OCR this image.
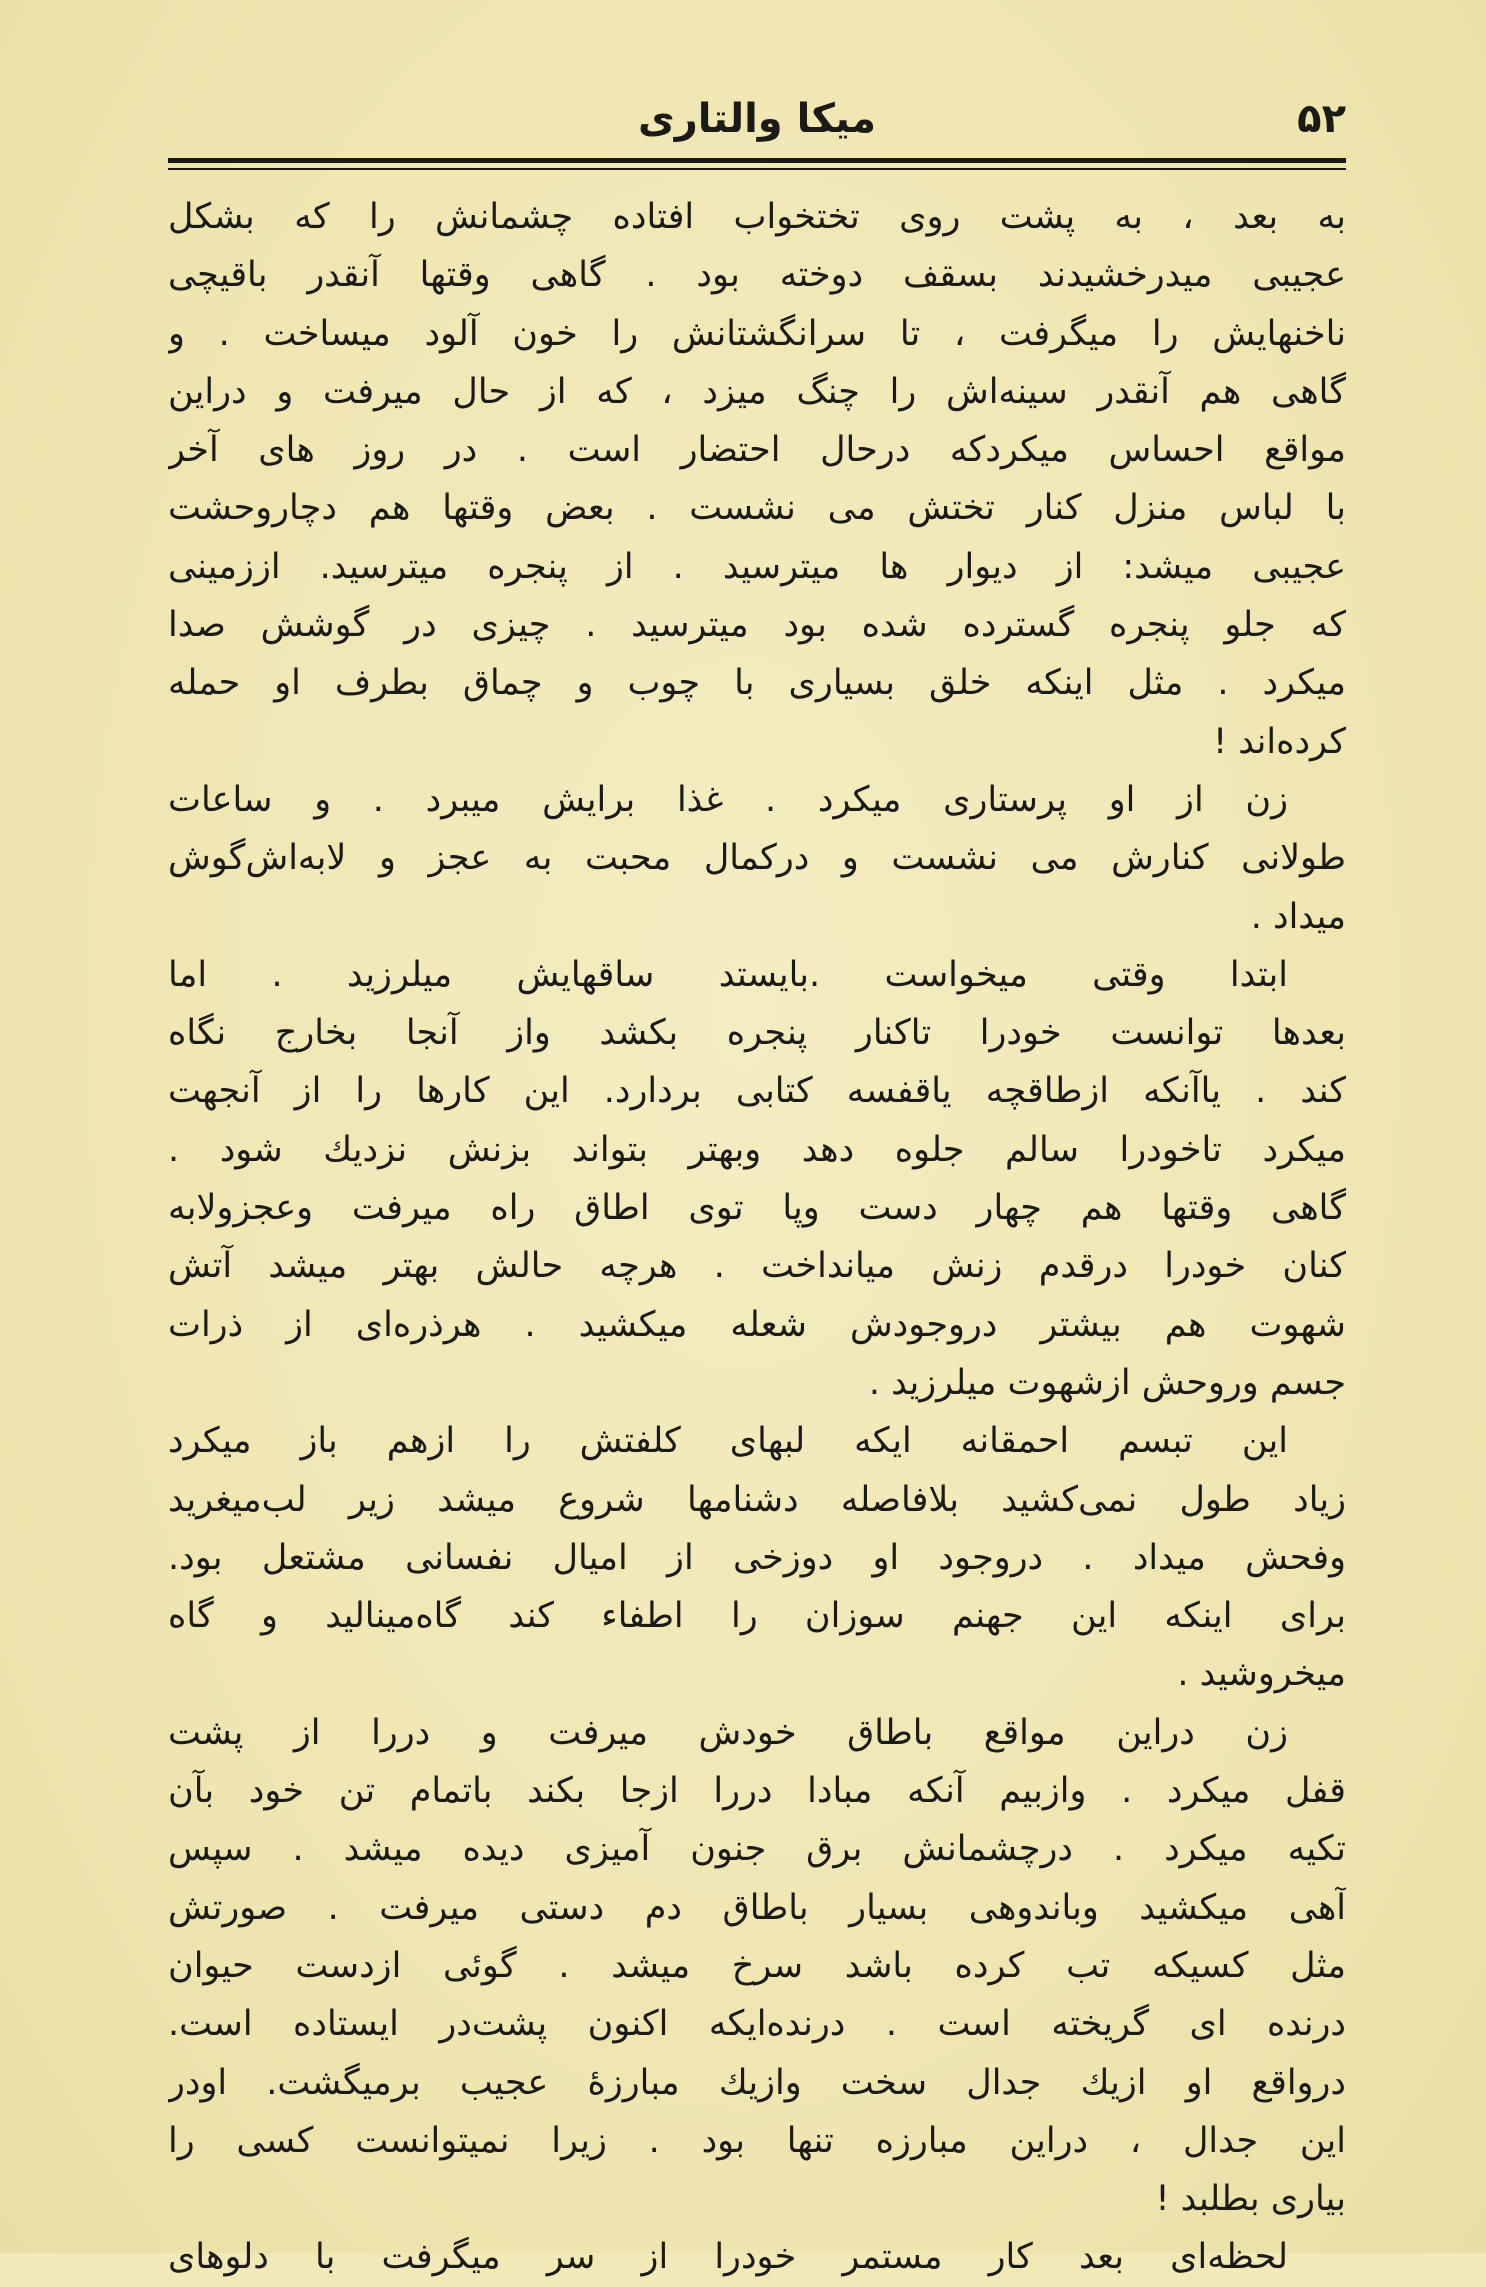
۵۲
میکا والتاری
به بعد ، به پشت روی تختخواب افتاده چشمانش را که بشکل
عجیبی میدرخشیدند بسقف دوخته بود . گاهی وقتها آنقدر باقیچی
ناخنهایش را میگرفت ، تا سرانگشتانش را خون آلود میساخت . و
گاهی هم آنقدر سینه‌اش را چنگ میزد ، که از حال میرفت و دراین
مواقع احساس میکردکه درحال احتضار است . در روز های آخر
با لباس منزل کنار تختش می نشست . بعض وقتها هم دچاروحشت
عجیبی میشد: از دیوار ها میترسید . از پنجره میترسید. اززمینی
که جلو پنجره گسترده شده بود میترسید . چیزی در گوشش صدا
میکرد . مثل اینکه خلق بسیاری با چوب و چماق بطرف او حمله
کرده‌اند !
زن از او پرستاری میکرد . غذا برایش میبرد . و ساعات
طولانی کنارش می نشست و درکمال محبت به عجز و لابه‌اش‌گوش
میداد .
ابتدا وقتی میخواست .بایستد ساقهایش میلرزید . اما
بعدها توانست خودرا تاکنار پنجره بکشد واز آنجا بخارج نگاه
کند . یاآنکه ازطاقچه یاقفسه کتابی بردارد. این کارها را از آنجهت
میکرد تاخودرا سالم جلوه دهد وبهتر بتواند بزنش نزدیك شود .
گاهی وقتها هم چهار دست وپا توی اطاق راه میرفت وعجزولابه
کنان خودرا درقدم زنش میانداخت . هرچه حالش بهتر میشد آتش
شهوت هم بیشتر دروجودش شعله میکشید . هرذره‌ای از ذرات
جسم وروحش ازشهوت میلرزید .
این تبسم احمقانه ایکه لبهای کلفتش را ازهم باز میکرد
زیاد طول نمی‌کشید بلافاصله دشنامها شروع میشد زیر لب‌میغرید
وفحش میداد . دروجود او دوزخی از امیال نفسانی مشتعل بود.
برای اینکه این جهنم سوزان را اطفاء کند گاه‌مینالید و گاه
میخروشید .
زن دراین مواقع باطاق خودش میرفت و دررا از پشت
قفل میکرد . وازبیم آنکه مبادا دررا ازجا بکند باتمام تن خود بآن
تکیه میکرد . درچشمانش برق جنون آمیزی دیده میشد . سپس
آهی میکشید وباندوهی بسیار باطاق دم دستی میرفت . صورتش
مثل کسیکه تب کرده باشد سرخ میشد . گوئی ازدست حیوان
درنده ای گریخته است . درنده‌ایکه اکنون پشت‌در ایستاده است.
درواقع او ازیك جدال سخت وازیك مبارزهٔ عجیب برمیگشت. اودر
این جدال ، دراین مبارزه تنها بود . زیرا نمیتوانست کسی را
بیاری بطلبد !
لحظه‌ای بعد کار مستمر خودرا از سر میگرفت با دلوهای
